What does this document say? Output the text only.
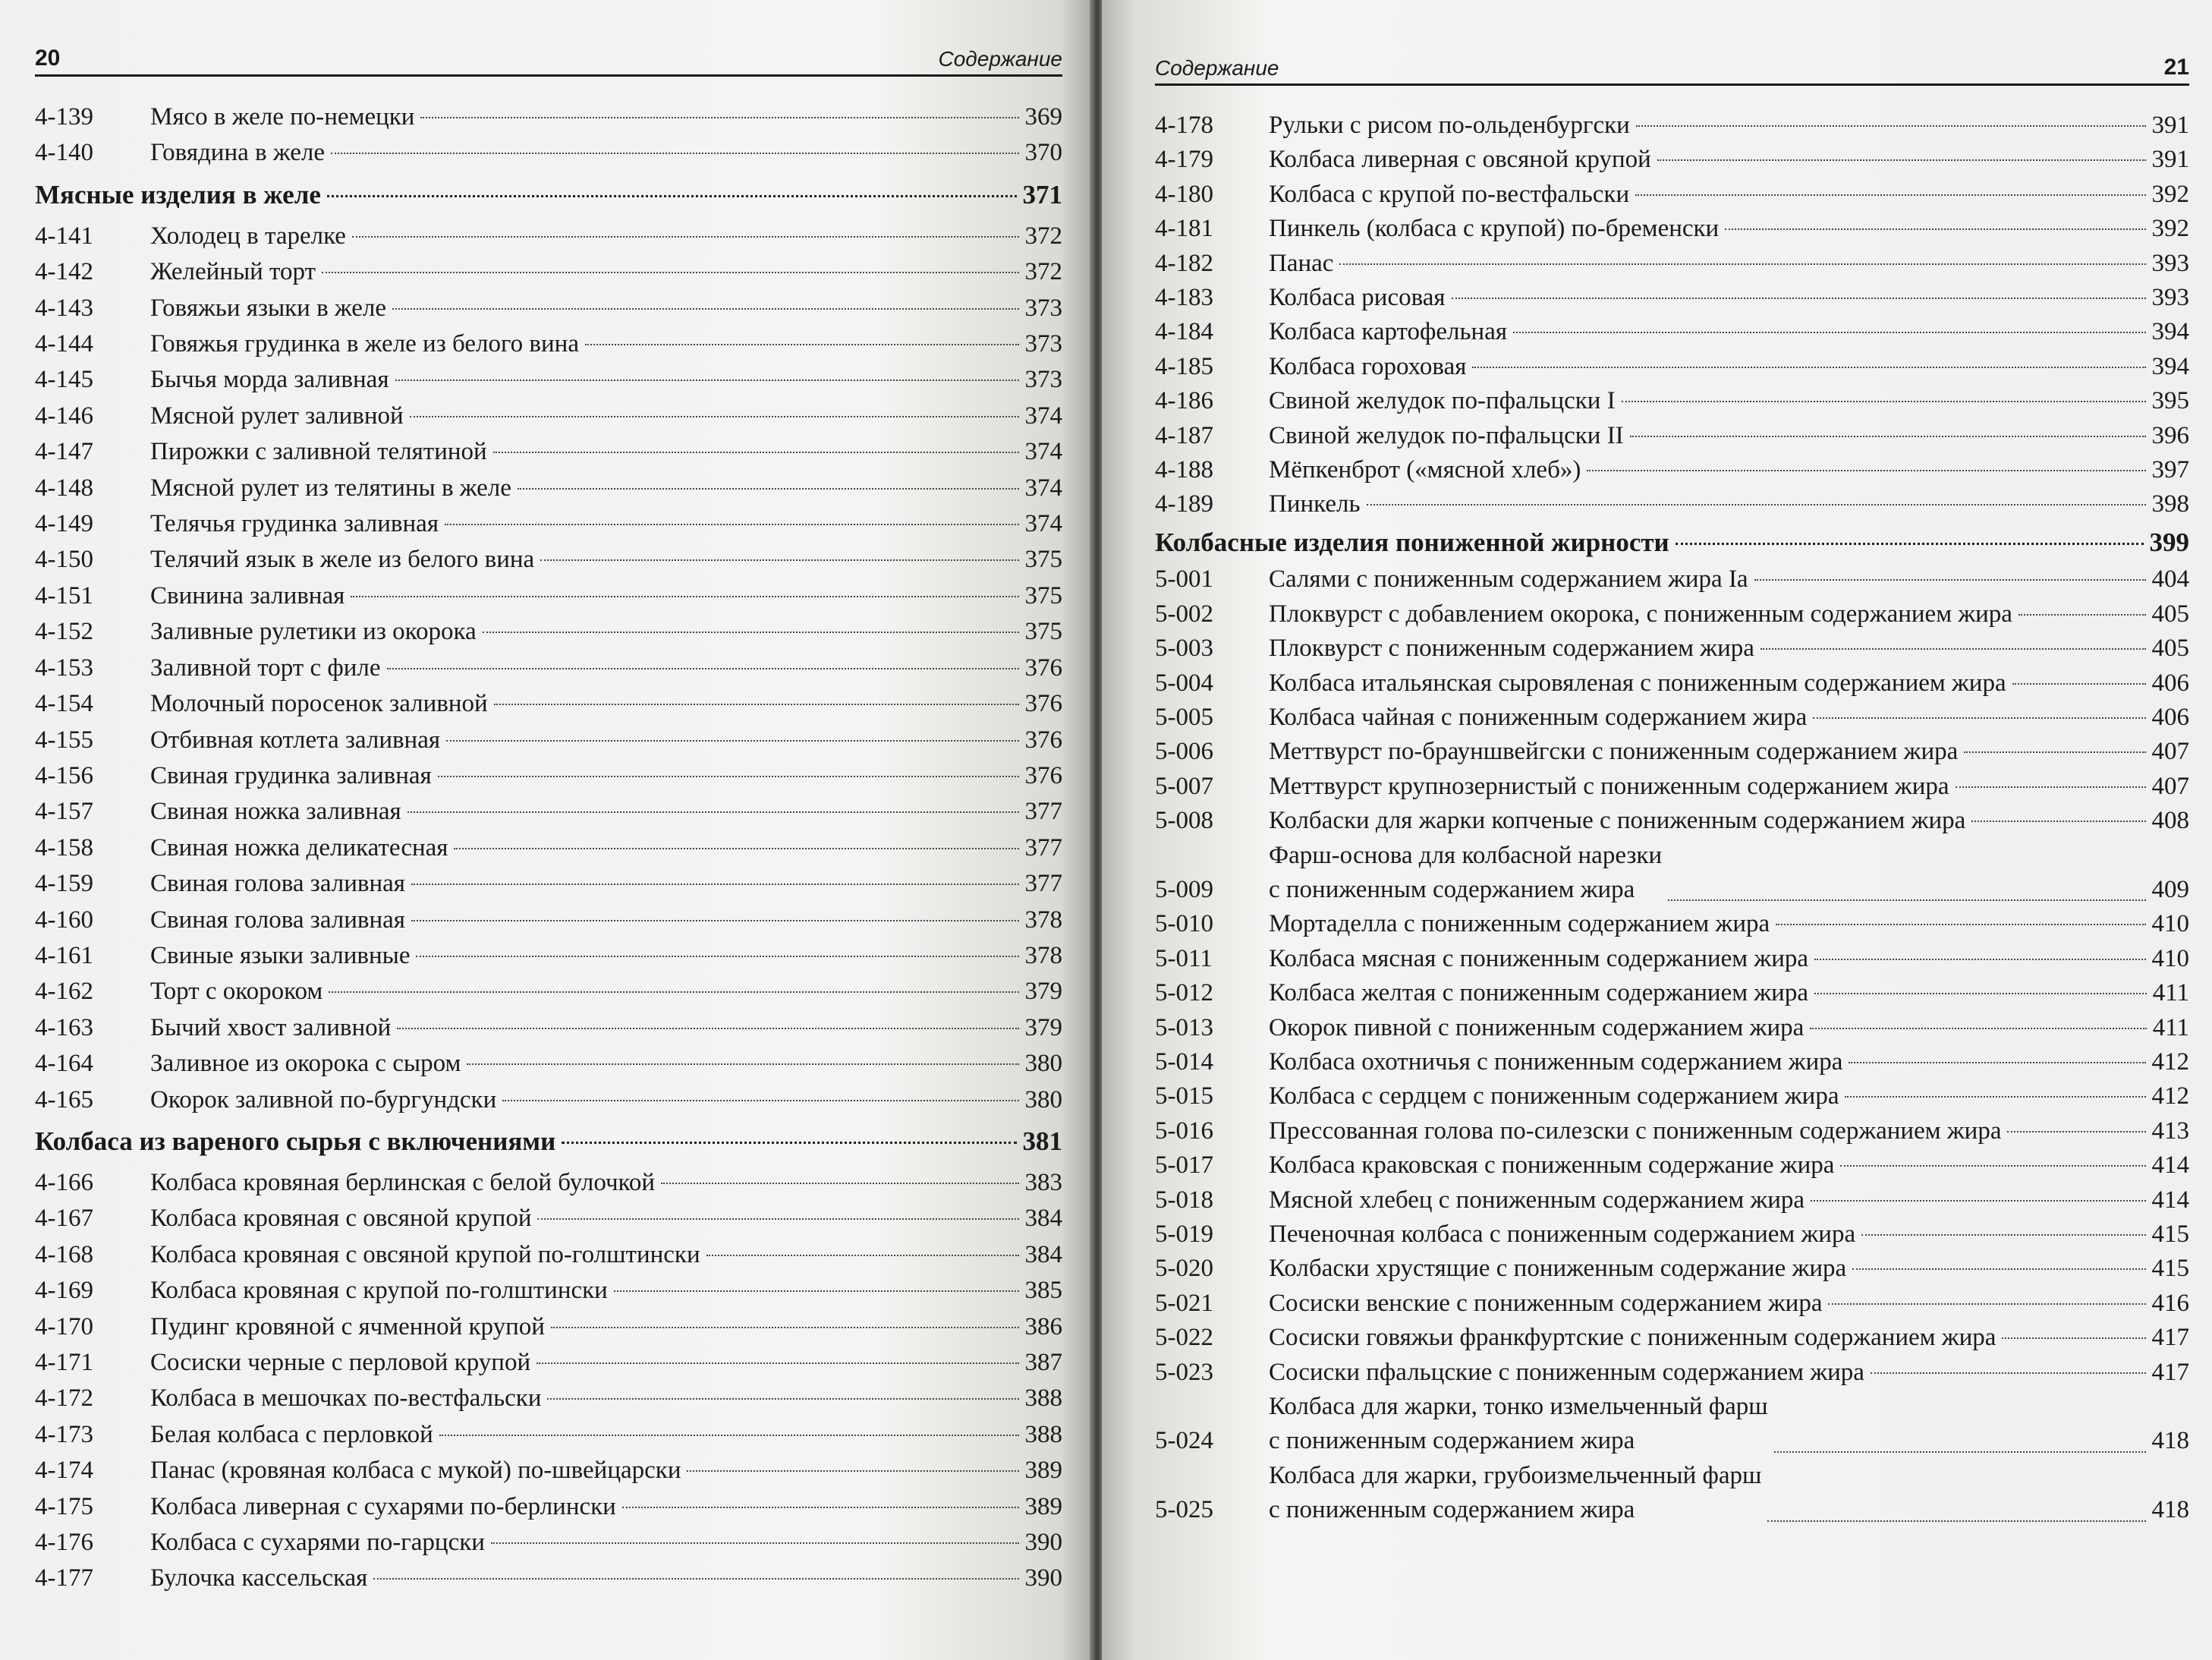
20	Содержание
4-139	Мясо в желе по-немецки	369
4-140	Говядина в желе	370
Мясные изделия в желе	371
4-141	Холодец в тарелке	372
4-142	Желейный торт	372
4-143	Говяжьи языки в желе	373
4-144	Говяжья грудинка в желе из белого вина	373
4-145	Бычья морда заливная	373
4-146	Мясной рулет заливной	374
4-147	Пирожки с заливной телятиной	374
4-148	Мясной рулет из телятины в желе	374
4-149	Телячья грудинка заливная	374
4-150	Телячий язык в желе из белого вина	375
4-151	Свинина заливная	375
4-152	Заливные рулетики из окорока	375
4-153	Заливной торт с филе	376
4-154	Молочный поросенок заливной	376
4-155	Отбивная котлета заливная	376
4-156	Свиная грудинка заливная	376
4-157	Свиная ножка заливная	377
4-158	Свиная ножка деликатесная	377
4-159	Свиная голова заливная	377
4-160	Свиная голова заливная	378
4-161	Свиные языки заливные	378
4-162	Торт с окороком	379
4-163	Бычий хвост заливной	379
4-164	Заливное из окорока с сыром	380
4-165	Окорок заливной по-бургундски	380
Колбаса из вареного сырья с включениями	381
4-166	Колбаса кровяная берлинская с белой булочкой	383
4-167	Колбаса кровяная с овсяной крупой	384
4-168	Колбаса кровяная с овсяной крупой по-голштински	384
4-169	Колбаса кровяная с крупой по-голштински	385
4-170	Пудинг кровяной с ячменной крупой	386
4-171	Сосиски черные с перловой крупой	387
4-172	Колбаса в мешочках по-вестфальски	388
4-173	Белая колбаса с перловкой	388
4-174	Панас (кровяная колбаса с мукой) по-швейцарски	389
4-175	Колбаса ливерная с сухарями по-берлински	389
4-176	Колбаса с сухарями по-гарцски	390
4-177	Булочка кассельская	390
Содержание	21
4-178	Рульки с рисом по-ольденбургски	391
4-179	Колбаса ливерная с овсяной крупой	391
4-180	Колбаса с крупой по-вестфальски	392
4-181	Пинкель (колбаса с крупой) по-бременски	392
4-182	Панас	393
4-183	Колбаса рисовая	393
4-184	Колбаса картофельная	394
4-185	Колбаса гороховая	394
4-186	Свиной желудок по-пфальцски I	395
4-187	Свиной желудок по-пфальцски II	396
4-188	Мёпкенброт («мясной хлеб»)	397
4-189	Пинкель	398
Колбасные изделия пониженной жирности	399
5-001	Салями с пониженным содержанием жира Ia	404
5-002	Плоквурст с добавлением окорока, с пониженным содержанием жира	405
5-003	Плоквурст с пониженным содержанием жира	405
5-004	Колбаса итальянская сыровяленая с пониженным содержанием жира	406
5-005	Колбаса чайная с пониженным содержанием жира	406
5-006	Меттвурст по-брауншвейгски с пониженным содержанием жира	407
5-007	Меттвурст крупнозернистый с пониженным содержанием жира	407
5-008	Колбаски для жарки копченые с пониженным содержанием жира	408
5-009
Фарш-основа для колбасной нарезки
с пониженным содержанием жира	409
5-010	Мортаделла с пониженным содержанием жира	410
5-011	Колбаса мясная с пониженным содержанием жира	410
5-012	Колбаса желтая с пониженным содержанием жира	411
5-013	Окорок пивной с пониженным содержанием жира	411
5-014	Колбаса охотничья с пониженным содержанием жира	412
5-015	Колбаса с сердцем с пониженным содержанием жира	412
5-016	Прессованная голова по-силезски с пониженным содержанием жира	413
5-017	Колбаса краковская с пониженным содержание жира	414
5-018	Мясной хлебец с пониженным содержанием жира	414
5-019	Печеночная колбаса с пониженным содержанием жира	415
5-020	Колбаски хрустящие с пониженным содержание жира	415
5-021	Сосиски венские с пониженным содержанием жира	416
5-022	Сосиски говяжьи франкфуртские с пониженным содержанием жира	417
5-023	Сосиски пфальцские с пониженным содержанием жира	417
5-024
Колбаса для жарки, тонко измельченный фарш
с пониженным содержанием жира	418
5-025
Колбаса для жарки, грубоизмельченный фарш
с пониженным содержанием жира	418
